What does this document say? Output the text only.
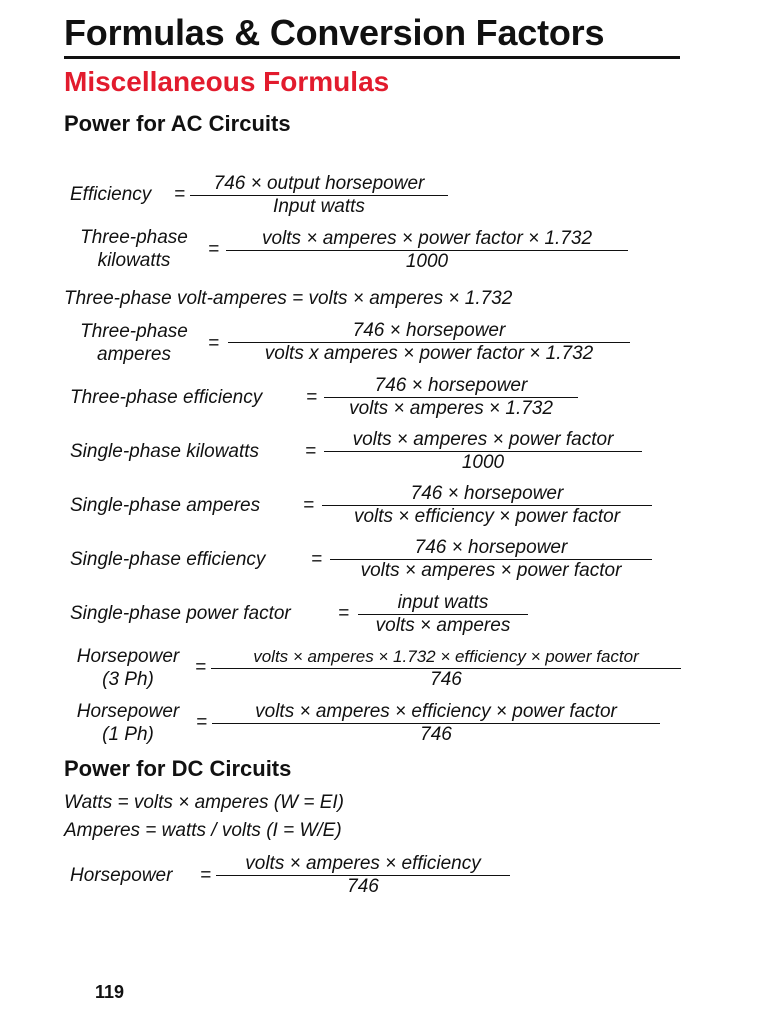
Formulas & Conversion Factors
Miscellaneous Formulas
Power for AC Circuits
Efficiency =
746 × output horsepower
Input watts
Three-phase
kilowatts
=
volts × amperes × power factor × 1.732
1000
Three-phase volt-amperes = volts × amperes × 1.732
Three-phase
amperes
=
746 × horsepower
volts x amperes × power factor × 1.732
Three-phase efficiency =
746 × horsepower
volts × amperes × 1.732
Single-phase kilowatts =
volts × amperes × power factor
1000
Single-phase amperes =
746 × horsepower
volts × efficiency × power factor
Single-phase efficiency =
746 × horsepower
volts × amperes × power factor
Single-phase power factor =
input watts
volts × amperes
Horsepower
(3 Ph)
=
volts × amperes × 1.732 × efficiency × power factor
746
Horsepower
(1 Ph)
=
volts × amperes × efficiency × power factor
746
Power for DC Circuits
Watts = volts × amperes (W = EI)
Amperes = watts / volts (I = W/E)
Horsepower =
volts × amperes × efficiency
746

119
